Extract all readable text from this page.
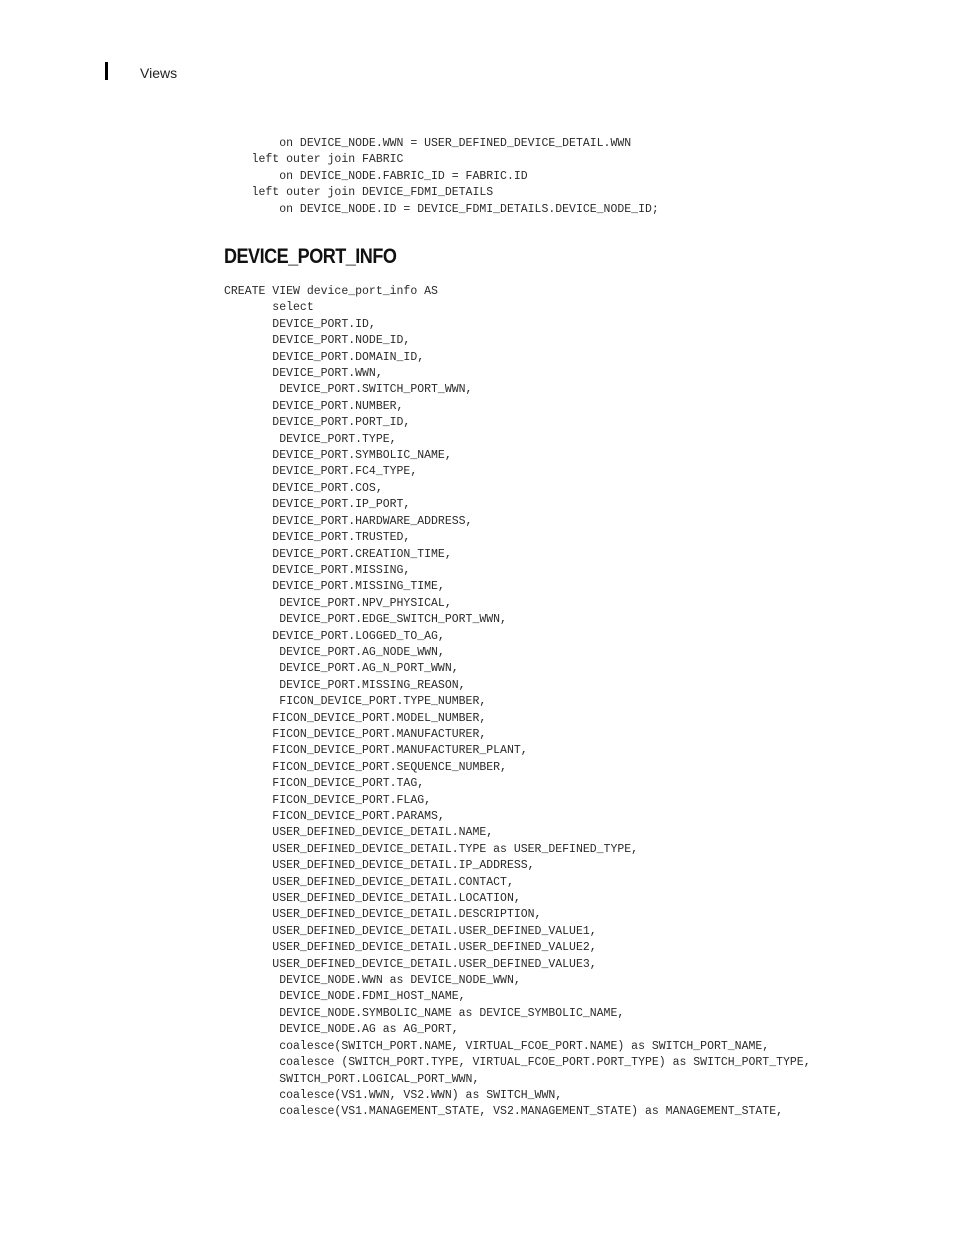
Views
on DEVICE_NODE.WWN = USER_DEFINED_DEVICE_DETAIL.WWN
left outer join FABRIC
on DEVICE_NODE.FABRIC_ID = FABRIC.ID
left outer join DEVICE_FDMI_DETAILS
on DEVICE_NODE.ID = DEVICE_FDMI_DETAILS.DEVICE_NODE_ID;
DEVICE_PORT_INFO
CREATE VIEW device_port_info AS
select
DEVICE_PORT.ID,
DEVICE_PORT.NODE_ID,
DEVICE_PORT.DOMAIN_ID,
DEVICE_PORT.WWN,
DEVICE_PORT.SWITCH_PORT_WWN,
DEVICE_PORT.NUMBER,
DEVICE_PORT.PORT_ID,
DEVICE_PORT.TYPE,
DEVICE_PORT.SYMBOLIC_NAME,
DEVICE_PORT.FC4_TYPE,
DEVICE_PORT.COS,
DEVICE_PORT.IP_PORT,
DEVICE_PORT.HARDWARE_ADDRESS,
DEVICE_PORT.TRUSTED,
DEVICE_PORT.CREATION_TIME,
DEVICE_PORT.MISSING,
DEVICE_PORT.MISSING_TIME,
DEVICE_PORT.NPV_PHYSICAL,
DEVICE_PORT.EDGE_SWITCH_PORT_WWN,
DEVICE_PORT.LOGGED_TO_AG,
DEVICE_PORT.AG_NODE_WWN,
DEVICE_PORT.AG_N_PORT_WWN,
DEVICE_PORT.MISSING_REASON,
FICON_DEVICE_PORT.TYPE_NUMBER,
FICON_DEVICE_PORT.MODEL_NUMBER,
FICON_DEVICE_PORT.MANUFACTURER,
FICON_DEVICE_PORT.MANUFACTURER_PLANT,
FICON_DEVICE_PORT.SEQUENCE_NUMBER,
FICON_DEVICE_PORT.TAG,
FICON_DEVICE_PORT.FLAG,
FICON_DEVICE_PORT.PARAMS,
USER_DEFINED_DEVICE_DETAIL.NAME,
USER_DEFINED_DEVICE_DETAIL.TYPE as USER_DEFINED_TYPE,
USER_DEFINED_DEVICE_DETAIL.IP_ADDRESS,
USER_DEFINED_DEVICE_DETAIL.CONTACT,
USER_DEFINED_DEVICE_DETAIL.LOCATION,
USER_DEFINED_DEVICE_DETAIL.DESCRIPTION,
USER_DEFINED_DEVICE_DETAIL.USER_DEFINED_VALUE1,
USER_DEFINED_DEVICE_DETAIL.USER_DEFINED_VALUE2,
USER_DEFINED_DEVICE_DETAIL.USER_DEFINED_VALUE3,
DEVICE_NODE.WWN as DEVICE_NODE_WWN,
DEVICE_NODE.FDMI_HOST_NAME,
DEVICE_NODE.SYMBOLIC_NAME as DEVICE_SYMBOLIC_NAME,
DEVICE_NODE.AG as AG_PORT,
coalesce(SWITCH_PORT.NAME, VIRTUAL_FCOE_PORT.NAME) as SWITCH_PORT_NAME,
coalesce (SWITCH_PORT.TYPE, VIRTUAL_FCOE_PORT.PORT_TYPE) as SWITCH_PORT_TYPE,
SWITCH_PORT.LOGICAL_PORT_WWN,
coalesce(VS1.WWN, VS2.WWN) as SWITCH_WWN,
coalesce(VS1.MANAGEMENT_STATE, VS2.MANAGEMENT_STATE) as MANAGEMENT_STATE,
